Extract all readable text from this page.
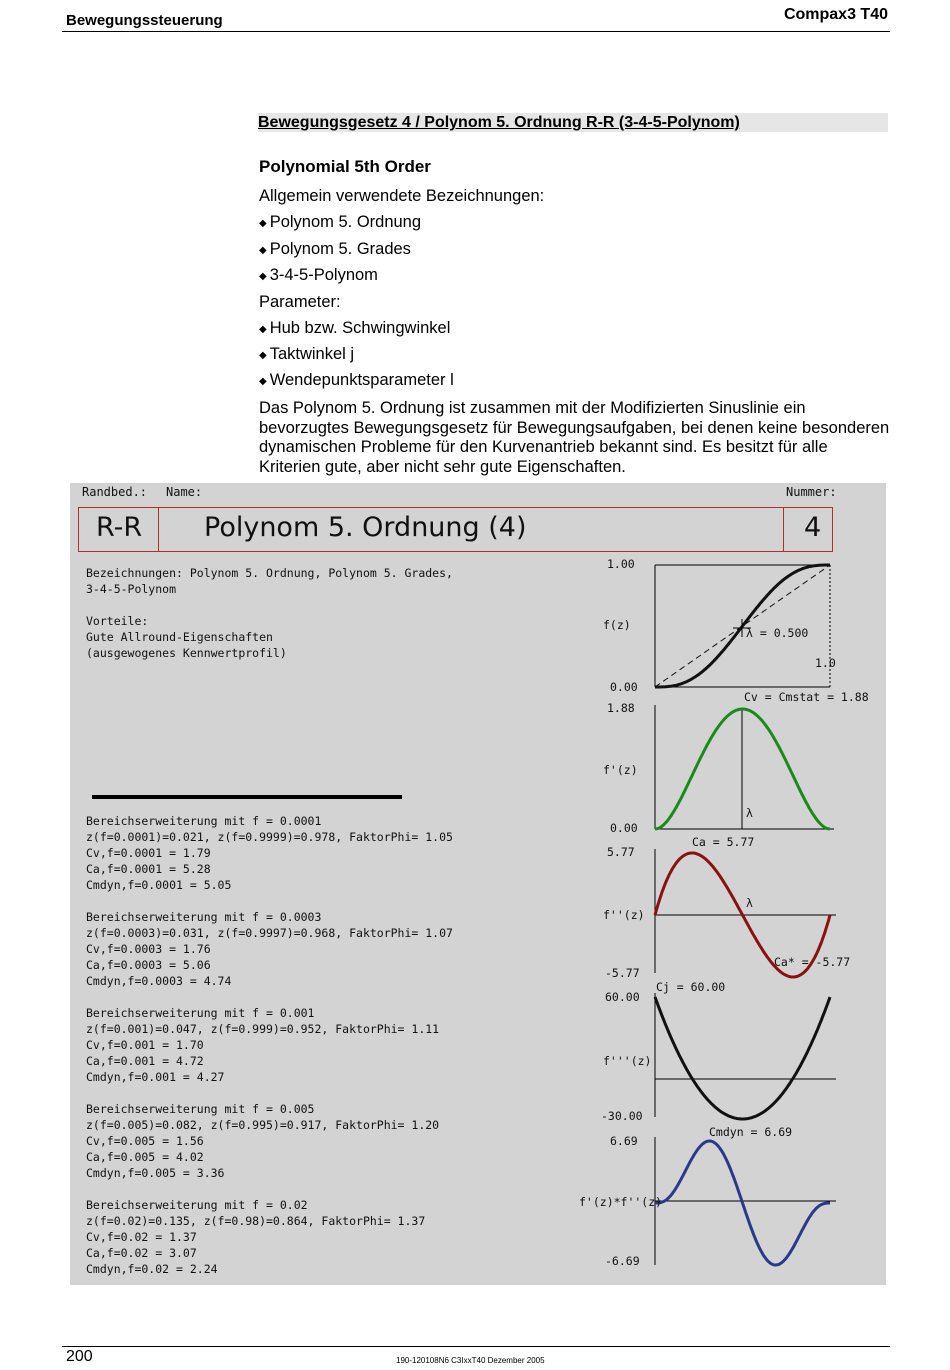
Bewegungssteuerung	Compax3 T40
Bewegungsgesetz 4 / Polynom 5. Ordnung R-R (3-4-5-Polynom)
Polynomial 5th Order
Allgemein verwendete Bezeichnungen:
◆ Polynom 5. Ordnung
◆ Polynom 5. Grades
◆ 3-4-5-Polynom
Parameter:
◆ Hub bzw. Schwingwinkel
◆ Taktwinkel j
◆ Wendepunktsparameter l
Das Polynom 5. Ordnung ist zusammen mit der Modifizierten Sinuslinie ein bevorzugtes Bewegungsgesetz für Bewegungsaufgaben, bei denen keine besonderen dynamischen Probleme für den Kurvenantrieb bekannt sind. Es besitzt für alle Kriterien gute, aber nicht sehr gute Eigenschaften.
Randbed.: Name:	Nummer:
R-R Polynom 5. Ordnung (4)	4
Bezeichnungen: Polynom 5. Ordnung, Polynom 5. Grades,
3-4-5-Polynom
Vorteile:
Gute Allround-Eigenschaften
(ausgewogenes Kennwertprofil)
Bereichserweiterung mit f = 0.0001
z(f=0.0001)=0.021, z(f=0.9999)=0.978, FaktorPhi= 1.05
Cv,f=0.0001 = 1.79
Ca,f=0.0001 = 5.28
Cmdyn,f=0.0001 = 5.05
Bereichserweiterung mit f = 0.0003
z(f=0.0003)=0.031, z(f=0.9997)=0.968, FaktorPhi= 1.07
Cv,f=0.0003 = 1.76
Ca,f=0.0003 = 5.06
Cmdyn,f=0.0003 = 4.74
Bereichserweiterung mit f = 0.001
z(f=0.001)=0.047, z(f=0.999)=0.952, FaktorPhi= 1.11
Cv,f=0.001 = 1.70
Ca,f=0.001 = 4.72
Cmdyn,f=0.001 = 4.27
Bereichserweiterung mit f = 0.005
z(f=0.005)=0.082, z(f=0.995)=0.917, FaktorPhi= 1.20
Cv,f=0.005 = 1.56
Ca,f=0.005 = 4.02
Cmdyn,f=0.005 = 3.36
Bereichserweiterung mit f = 0.02
z(f=0.02)=0.135, z(f=0.98)=0.864, FaktorPhi= 1.37
Cv,f=0.02 = 1.37
Ca,f=0.02 = 3.07
Cmdyn,f=0.02 = 2.24
1.00
0.00
f(z)
1.0
λ = 0.500
1.88
0.00
f'(z)
Cv = Cmstat = 1.88
λ
5.77
-5.77
f''(z)
Ca = 5.77
Ca* = -5.77
λ
60.00
-30.00
f'''(z)
Cj = 60.00
6.69
-6.69
f'(z)*f''(z)
Cmdyn = 6.69
200	190-120108N6 C3IxxT40 Dezember 2005
